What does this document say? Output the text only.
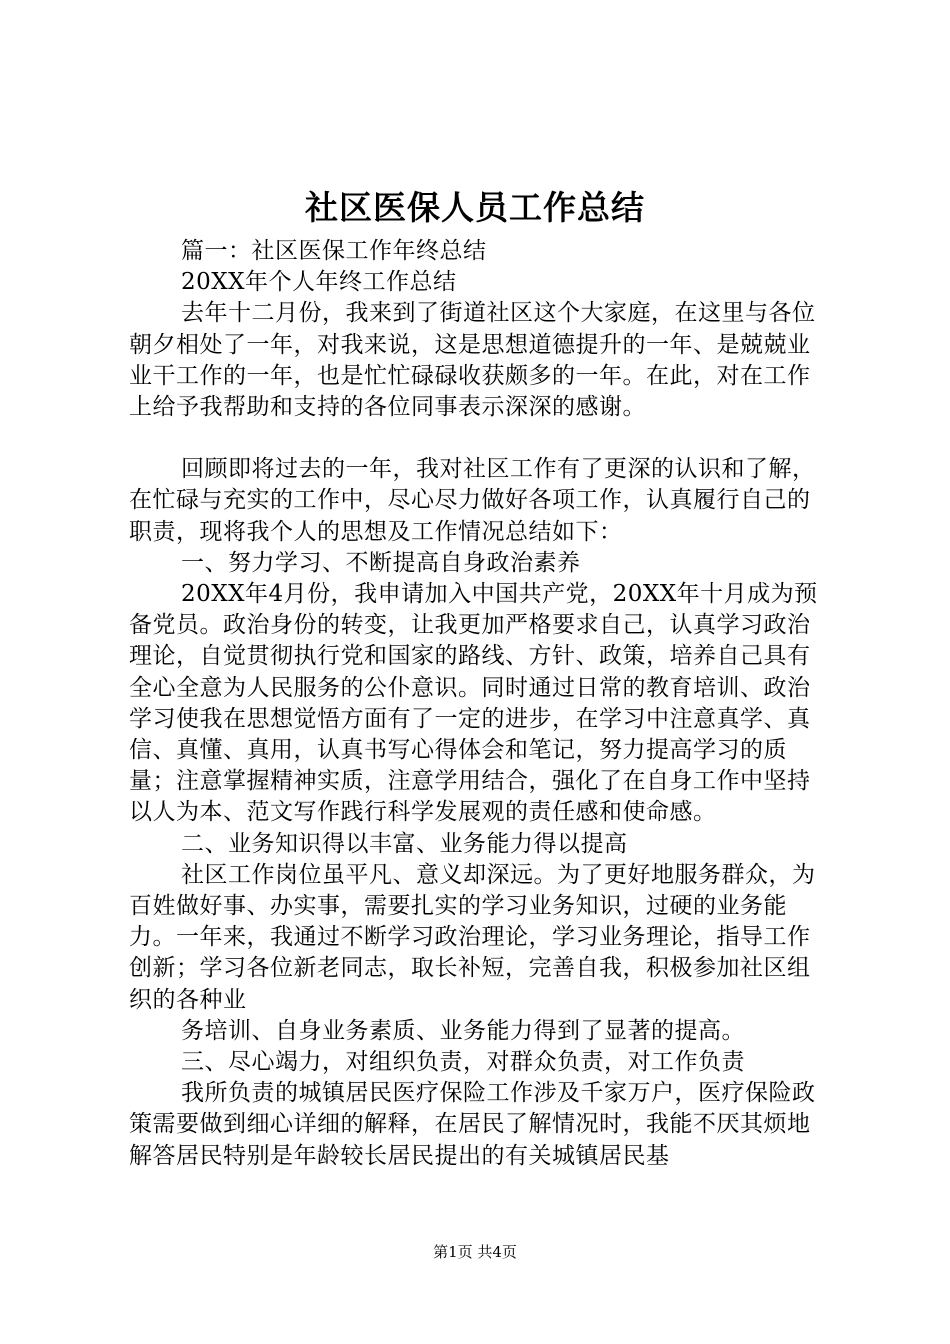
社区医保人员工作总结

篇一：社区医保工作年终总结

20XX年个人年终工作总结

去年十二月份，我来到了街道社区这个大家庭，在这里与各位朝夕相处了一年，对我来说，这是思想道德提升的一年、是兢兢业业干工作的一年，也是忙忙碌碌收获颇多的一年。在此，对在工作上给予我帮助和支持的各位同事表示深深的感谢。

回顾即将过去的一年，我对社区工作有了更深的认识和了解，在忙碌与充实的工作中，尽心尽力做好各项工作，认真履行自己的职责，现将我个人的思想及工作情况总结如下：

一、努力学习、不断提高自身政治素养

20XX年4月份，我申请加入中国共产党，20XX年十月成为预备党员。政治身份的转变，让我更加严格要求自己，认真学习政治理论，自觉贯彻执行党和国家的路线、方针、政策，培养自己具有全心全意为人民服务的公仆意识。同时通过日常的教育培训、政治学习使我在思想觉悟方面有了一定的进步，在学习中注意真学、真信、真懂、真用，认真书写心得体会和笔记，努力提高学习的质量；注意掌握精神实质，注意学用结合，强化了在自身工作中坚持以人为本、范文写作践行科学发展观的责任感和使命感。

二、业务知识得以丰富、业务能力得以提高

社区工作岗位虽平凡、意义却深远。为了更好地服务群众，为百姓做好事、办实事，需要扎实的学习业务知识，过硬的业务能力。一年来，我通过不断学习政治理论，学习业务理论，指导工作创新；学习各位新老同志，取长补短，完善自我，积极参加社区组织的各种业

务培训、自身业务素质、业务能力得到了显著的提高。

三、尽心竭力，对组织负责，对群众负责，对工作负责

我所负责的城镇居民医疗保险工作涉及千家万户，医疗保险政策需要做到细心详细的解释，在居民了解情况时，我能不厌其烦地解答居民特别是年龄较长居民提出的有关城镇居民基

第1页 共4页
